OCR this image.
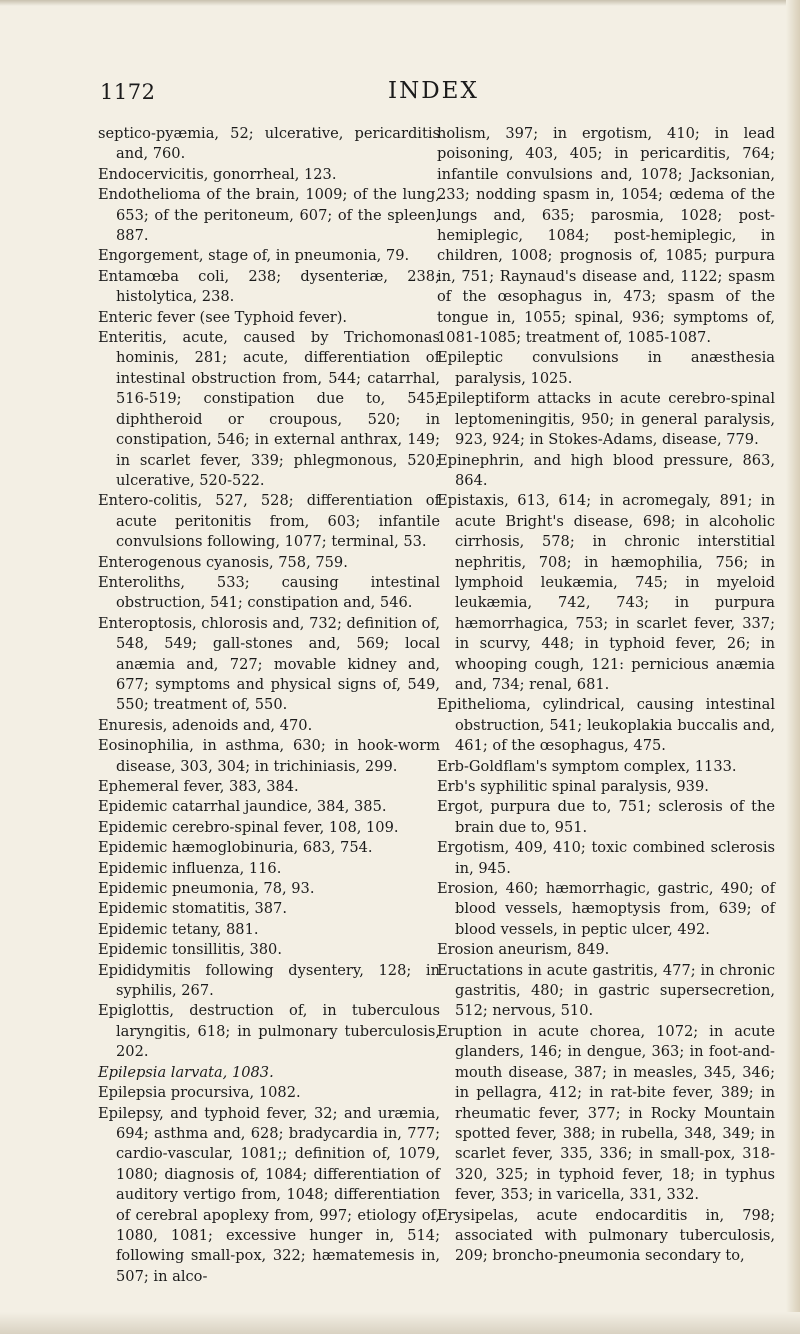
1172	INDEX

septico-pyæmia, 52; ulcerative, pericarditis and, 760.

Endocervicitis, gonorrheal, 123.

Endothelioma of the brain, 1009; of the lung, 653; of the peritoneum, 607; of the spleen, 887.

Engorgement, stage of, in pneumonia, 79.

Entamœba coli, 238; dysenteriæ, 238; histolytica, 238.

Enteric fever (see Typhoid fever).

Enteritis, acute, caused by Trichomonas hominis, 281; acute, differentiation of intestinal obstruction from, 544; catarrhal, 516-519; constipation due to, 545; diphtheroid or croupous, 520; in constipation, 546; in external anthrax, 149; in scarlet fever, 339; phlegmonous, 520; ulcerative, 520-522.

Entero-colitis, 527, 528; differentiation of acute peritonitis from, 603; infantile convulsions following, 1077; terminal, 53.

Enterogenous cyanosis, 758, 759.

Enteroliths, 533; causing intestinal obstruction, 541; constipation and, 546.

Enteroptosis, chlorosis and, 732; definition of, 548, 549; gall-stones and, 569; local anæmia and, 727; movable kidney and, 677; symptoms and physical signs of, 549, 550; treatment of, 550.

Enuresis, adenoids and, 470.

Eosinophilia, in asthma, 630; in hook-worm disease, 303, 304; in trichiniasis, 299.

Ephemeral fever, 383, 384.

Epidemic catarrhal jaundice, 384, 385.

Epidemic cerebro-spinal fever, 108, 109.

Epidemic hæmoglobinuria, 683, 754.

Epidemic influenza, 116.

Epidemic pneumonia, 78, 93.

Epidemic stomatitis, 387.

Epidemic tetany, 881.

Epidemic tonsillitis, 380.

Epididymitis following dysentery, 128; in syphilis, 267.

Epiglottis, destruction of, in tuberculous laryngitis, 618; in pulmonary tuberculosis, 202.

Epilepsia larvata, 1083.

Epilepsia procursiva, 1082.

Epilepsy, and typhoid fever, 32; and uræmia, 694; asthma and, 628; bradycardia in, 777; cardio-vascular, 1081;; definition of, 1079, 1080; diagnosis of, 1084; differentiation of auditory vertigo from, 1048; differentiation of cerebral apoplexy from, 997; etiology of, 1080, 1081; excessive hunger in, 514; following small-pox, 322; hæmatemesis in, 507; in alco-

holism, 397; in ergotism, 410; in lead poisoning, 403, 405; in pericarditis, 764; infantile convulsions and, 1078; Jacksonian, 233; nodding spasm in, 1054; œdema of the lungs and, 635; parosmia, 1028; post-hemiplegic, 1084; post-hemiplegic, in children, 1008; prognosis of, 1085; purpura in, 751; Raynaud's disease and, 1122; spasm of the œsophagus in, 473; spasm of the tongue in, 1055; spinal, 936; symptoms of, 1081-1085; treatment of, 1085-1087.

Epileptic convulsions in anæsthesia paralysis, 1025.

Epileptiform attacks in acute cerebro-spinal leptomeningitis, 950; in general paralysis, 923, 924; in Stokes-Adams, disease, 779.

Epinephrin, and high blood pressure, 863, 864.

Epistaxis, 613, 614; in acromegaly, 891; in acute Bright's disease, 698; in alcoholic cirrhosis, 578; in chronic interstitial nephritis, 708; in hæmophilia, 756; in lymphoid leukæmia, 745; in myeloid leukæmia, 742, 743; in purpura hæmorrhagica, 753; in scarlet fever, 337; in scurvy, 448; in typhoid fever, 26; in whooping cough, 121: pernicious anæmia and, 734; renal, 681.

Epithelioma, cylindrical, causing intestinal obstruction, 541; leukoplakia buccalis and, 461; of the œsophagus, 475.

Erb-Goldflam's symptom complex, 1133.

Erb's syphilitic spinal paralysis, 939.

Ergot, purpura due to, 751; sclerosis of the brain due to, 951.

Ergotism, 409, 410; toxic combined sclerosis in, 945.

Erosion, 460; hæmorrhagic, gastric, 490; of blood vessels, hæmoptysis from, 639; of blood vessels, in peptic ulcer, 492.

Erosion aneurism, 849.

Eructations in acute gastritis, 477; in chronic gastritis, 480; in gastric supersecretion, 512; nervous, 510.

Eruption in acute chorea, 1072; in acute glanders, 146; in dengue, 363; in foot-and-mouth disease, 387; in measles, 345, 346; in pellagra, 412; in rat-bite fever, 389; in rheumatic fever, 377; in Rocky Mountain spotted fever, 388; in rubella, 348, 349; in scarlet fever, 335, 336; in small-pox, 318-320, 325; in typhoid fever, 18; in typhus fever, 353; in varicella, 331, 332.

Erysipelas, acute endocarditis in, 798; associated with pulmonary tuberculosis, 209; broncho-pneumonia secondary to,
